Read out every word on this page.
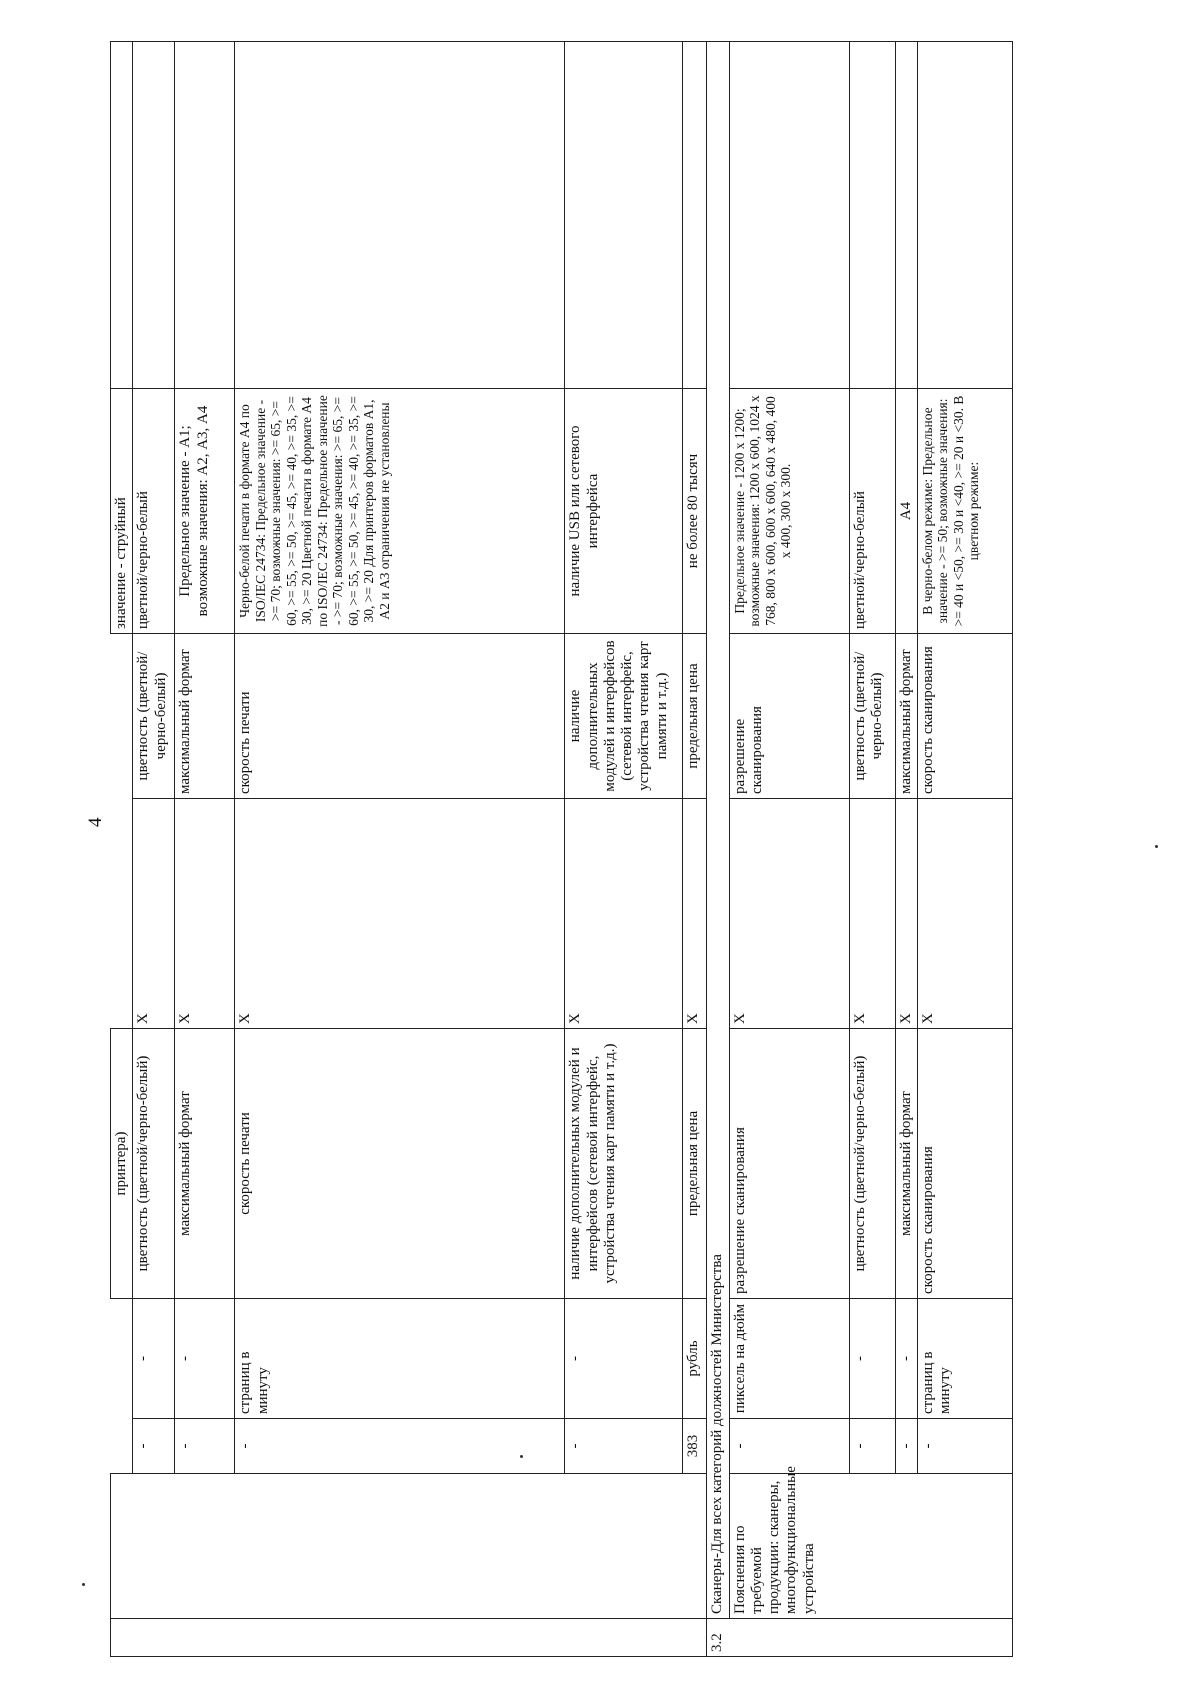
4
				принтера)			значение - струйный	
		-	-	цветность (цветной/черно-белый)	X	цветность (цветной/черно-белый)	цветной/черно-белый	
		-	-	максимальный формат	X	максимальный формат	Предельное значение - А1; возможные значения: А2, А3, А4	
		-	страниц в минуту	скорость печати	X	скорость печати	Черно-белой печати в формате А4 по ISO/IEC 24734: Предельное значение - >= 70; возможные значения: >= 65, >= 60, >= 55, >= 50, >= 45, >= 40, >= 35, >= 30, >= 20 Цветной печати в формате А4 по ISO/IEC 24734: Предельное значение - >= 70; возможные значения: >= 65, >= 60, >= 55, >= 50, >= 45, >= 40, >= 35, >= 30, >= 20 Для принтеров форматов А1, А2 и А3 ограничения не установлены	
		-	-	наличие дополнительных модулей и интерфейсов (сетевой интерфейс, устройства чтения карт памяти и т.д.)	X	наличие дополнительных модулей и интерфейсов (сетевой интерфейс, устройства чтения карт памяти и т.д.)	наличие USB или сетевого интерфейса	
		383	рубль	предельная цена	X	предельная цена	не более 80 тысяч	
3.2	Сканеры-Для всех категорий должностей Министерства							
	Пояснения по требуемой продукции: сканеры, многофункциональные устройства	-	пиксель на дюйм	разрешение сканирования	X	разрешение сканирования	Предельное значение - 1200 x 1200; возможные значения: 1200 x 600, 1024 x 768, 800 x 600, 600 x 600, 640 x 480, 400 x 400, 300 x 300.	
		-	-	цветность (цветной/черно-белый)	X	цветность (цветной/черно-белый)	цветной/черно-белый	
		-	-	максимальный формат	X	максимальный формат	А4	
		-	страниц в минуту	скорость сканирования	X	скорость сканирования	В черно-белом режиме: Предельное значение - >= 50; возможные значения: >= 40 и <50, >= 30 и <40, >= 20 и <30. В цветном режиме:	
